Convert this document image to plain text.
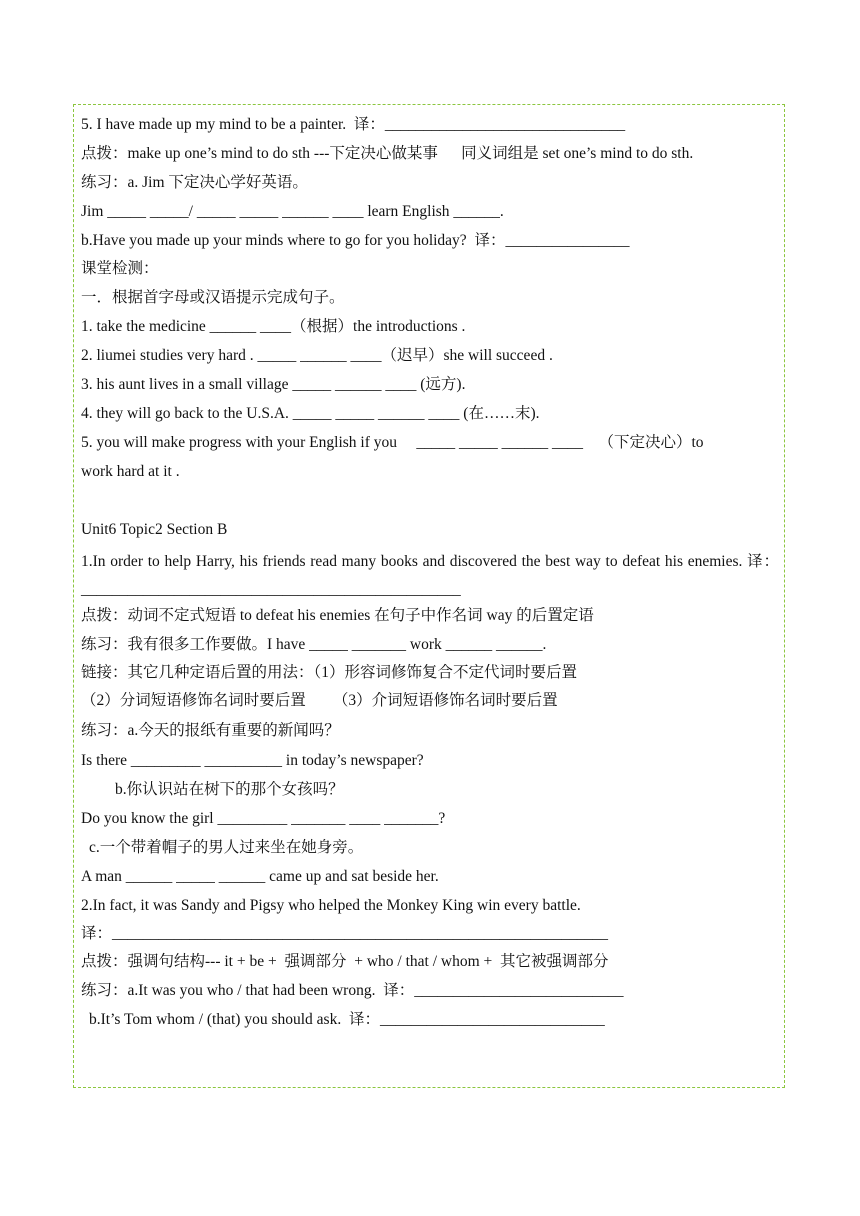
5. I have made up my mind to be a painter.  译：_______________________________
点拨：make up one’s mind to do sth ---下定决心做某事      同义词组是 set one’s mind to do sth.
练习：a. Jim 下定决心学好英语。
Jim _____ _____/ _____ _____ ______ ____ learn English ______.
b.Have you made up your minds where to go for you holiday?  译：________________
课堂检测：
一．根据首字母或汉语提示完成句子。
1. take the medicine ______ ____（根据）the introductions .
2. liumei studies very hard . _____ ______ ____（迟早）she will succeed .
3. his aunt lives in a small village _____ ______ ____ (远方).
4. they will go back to the U.S.A. _____ _____ ______ ____ (在……末).
5. you will make progress with your English if you     _____ _____ ______ ____    （下定决心）to
work hard at it .
Unit6 Topic2 Section B
1.In order to help Harry, his friends read many books and discovered the best way to defeat his enemies. 译：_________________________________________________
点拨：动词不定式短语 to defeat his enemies 在句子中作名词 way 的后置定语
练习：我有很多工作要做。I have _____ _______ work ______ ______.
链接：其它几种定语后置的用法：（1）形容词修饰复合不定代词时要后置
（2）分词短语修饰名词时要后置       （3）介词短语修饰名词时要后置
练习：a.今天的报纸有重要的新闻吗？
Is there _________ __________ in today’s newspaper?
b.你认识站在树下的那个女孩吗？
Do you know the girl _________ _______ ____ _______?
c.一个带着帽子的男人过来坐在她身旁。
A man ______ _____ ______ came up and sat beside her.
2.In fact, it was Sandy and Pigsy who helped the Monkey King win every battle.
译：________________________________________________________________
点拨：强调句结构--- it + be +  强调部分  + who / that / whom +  其它被强调部分
练习：a.It was you who / that had been wrong.  译：___________________________
b.It’s Tom whom / (that) you should ask.  译：_____________________________
